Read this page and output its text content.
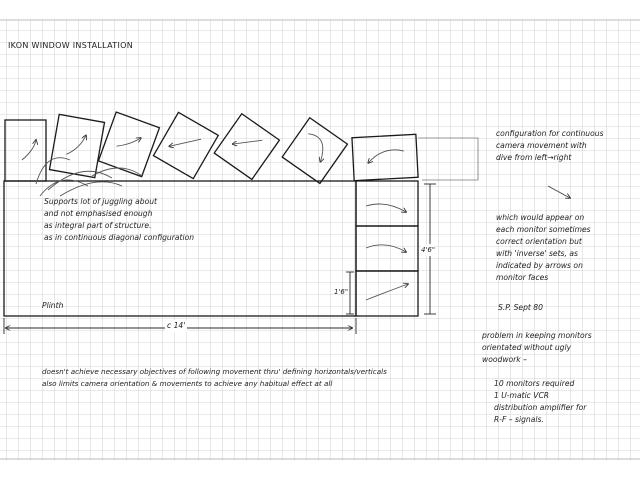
IKON WINDOW INSTALLATION
Supports lot of juggling about
and not emphasised enough
as integral part of structure.
as in continuous diagonal configuration
Plinth
c 14'
1'6"
4'6"
configuration for continuous
camera movement with
dive from left→right
which would appear on
each monitor sometimes
correct orientation but
with 'inverse' sets, as
indicated by arrows on
monitor faces
S.P. Sept 80
problem in keeping monitors
orientated without ugly
woodwork –
10 monitors required
1 U-matic VCR
distribution amplifier for
R-F – signals.
doesn't achieve necessary objectives of following movement thru' defining horizontals/verticals
also limits camera orientation & movements to achieve any habitual effect at all
